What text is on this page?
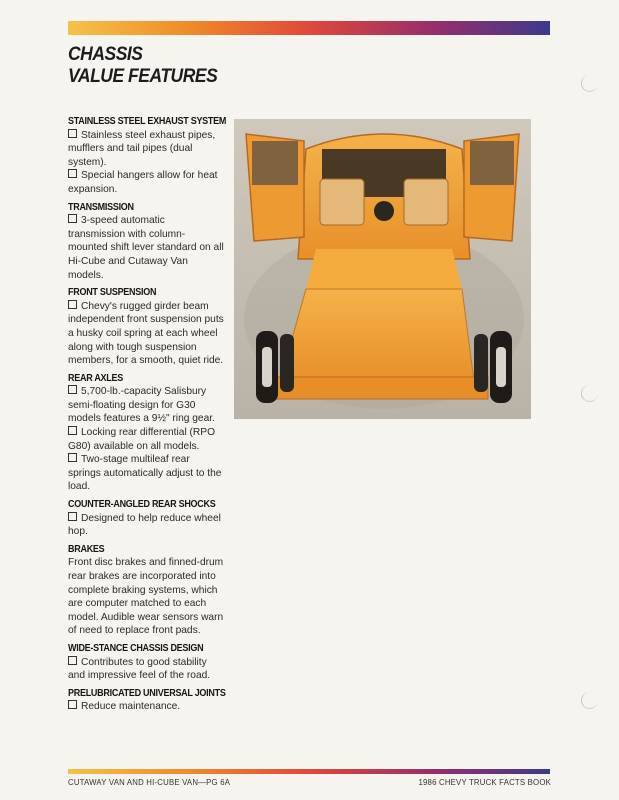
CHASSIS
VALUE FEATURES
STAINLESS STEEL EXHAUST SYSTEM
Stainless steel exhaust pipes, mufflers and tail pipes (dual system).
Special hangers allow for heat expansion.
TRANSMISSION
3-speed automatic transmission with column-mounted shift lever standard on all Hi-Cube and Cutaway Van models.
FRONT SUSPENSION
Chevy's rugged girder beam independent front suspension puts a husky coil spring at each wheel along with tough suspension members, for a smooth, quiet ride.
REAR AXLES
5,700-lb.-capacity Salisbury semi-floating design for G30 models features a 9½" ring gear.
Locking rear differential (RPO G80) available on all models.
Two-stage multileaf rear springs automatically adjust to the load.
COUNTER-ANGLED REAR SHOCKS
Designed to help reduce wheel hop.
BRAKES
Front disc brakes and finned-drum rear brakes are incorporated into complete braking systems, which are computer matched to each model. Audible wear sensors warn of need to replace front pads.
WIDE-STANCE CHASSIS DESIGN
Contributes to good stability and impressive feel of the road.
PRELUBRICATED UNIVERSAL JOINTS
Reduce maintenance.
CUTAWAY VAN AND HI-CUBE VAN—PG 6A	1986 CHEVY TRUCK FACTS BOOK
